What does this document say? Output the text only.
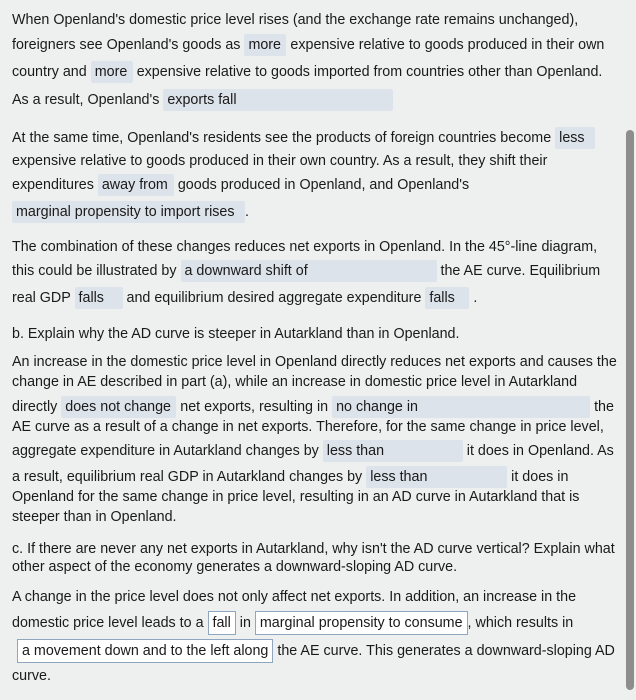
When Openland's domestic price level rises (and the exchange rate remains unchanged),
foreigners see Openland's goods as more expensive relative to goods produced in their own
country and more expensive relative to goods imported from countries other than Openland.
As a result, Openland's exports fall
At the same time, Openland's residents see the products of foreign countries become less
expensive relative to goods produced in their own country. As a result, they shift their
expenditures away from goods produced in Openland, and Openland's
marginal propensity to import rises .
The combination of these changes reduces net exports in Openland. In the 45°-line diagram,
this could be illustrated by a downward shift of	the AE curve. Equilibrium
real GDP falls and equilibrium desired aggregate expenditure falls .
b. Explain why the AD curve is steeper in Autarkland than in Openland.
An increase in the domestic price level in Openland directly reduces net exports and causes the
change in AE described in part (a), while an increase in domestic price level in Autarkland
directly does not change net exports, resulting in no change in	the
AE curve as a result of a change in net exports. Therefore, for the same change in price level,
aggregate expenditure in Autarkland changes by less than	it does in Openland. As
a result, equilibrium real GDP in Autarkland changes by less than	it does in
Openland for the same change in price level, resulting in an AD curve in Autarkland that is
steeper than in Openland.
c. If there are never any net exports in Autarkland, why isn't the AD curve vertical? Explain what
other aspect of the economy generates a downward-sloping AD curve.
A change in the price level does not only affect net exports. In addition, an increase in the
domestic price level leads to a fall in marginal propensity to consume , which results in
a movement down and to the left along the AE curve. This generates a downward-sloping AD
curve.
